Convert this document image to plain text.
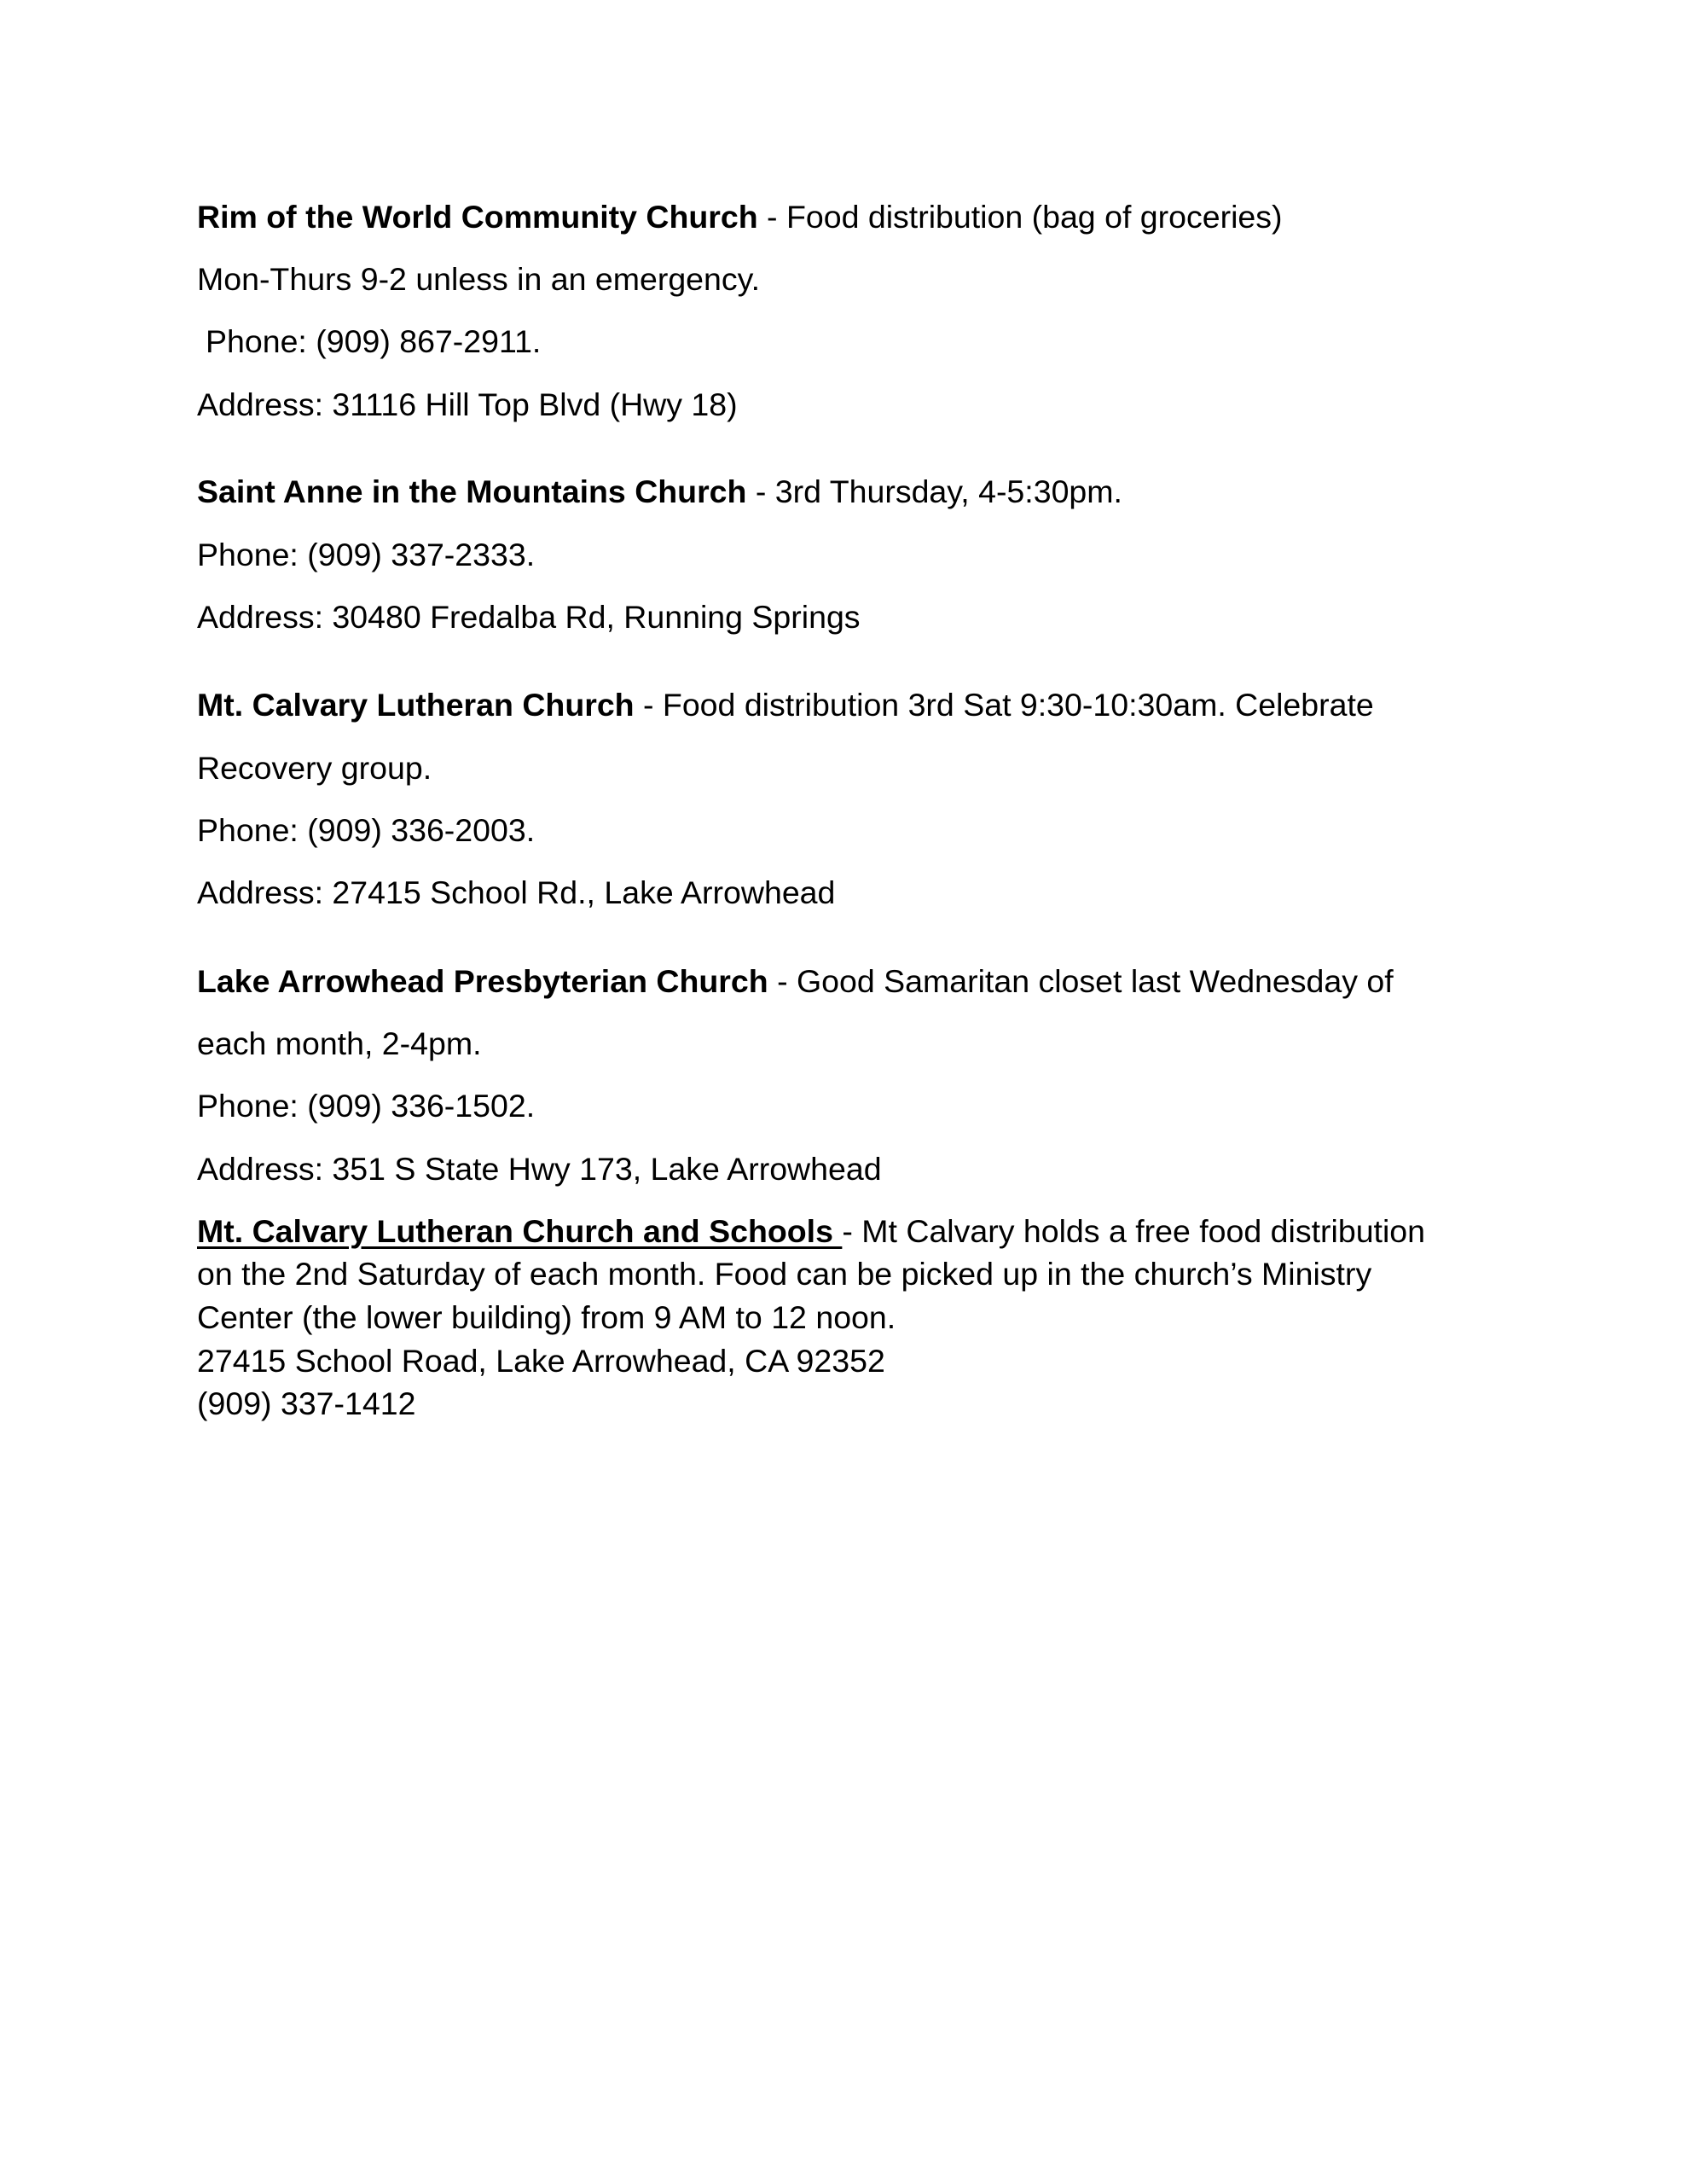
Rim of the World Community Church - Food distribution (bag of groceries)
Mon-Thurs 9-2 unless in an emergency.
Phone: (909) 867-2911.
Address: 31116 Hill Top Blvd (Hwy 18)
Saint Anne in the Mountains Church - 3rd Thursday, 4-5:30pm.
Phone: (909) 337-2333.
Address: 30480 Fredalba Rd, Running Springs
Mt. Calvary Lutheran Church - Food distribution 3rd Sat 9:30-10:30am. Celebrate
Recovery group.
Phone: (909) 336-2003.
Address: 27415 School Rd., Lake Arrowhead
Lake Arrowhead Presbyterian Church - Good Samaritan closet last Wednesday of
each month, 2-4pm.
Phone: (909) 336-1502.
Address: 351 S State Hwy 173, Lake Arrowhead
Mt. Calvary Lutheran Church and Schools - Mt Calvary holds a free food distribution
on the 2nd Saturday of each month. Food can be picked up in the church’s Ministry
Center (the lower building) from 9 AM to 12 noon.
27415 School Road, Lake Arrowhead, CA 92352
(909) 337-1412
